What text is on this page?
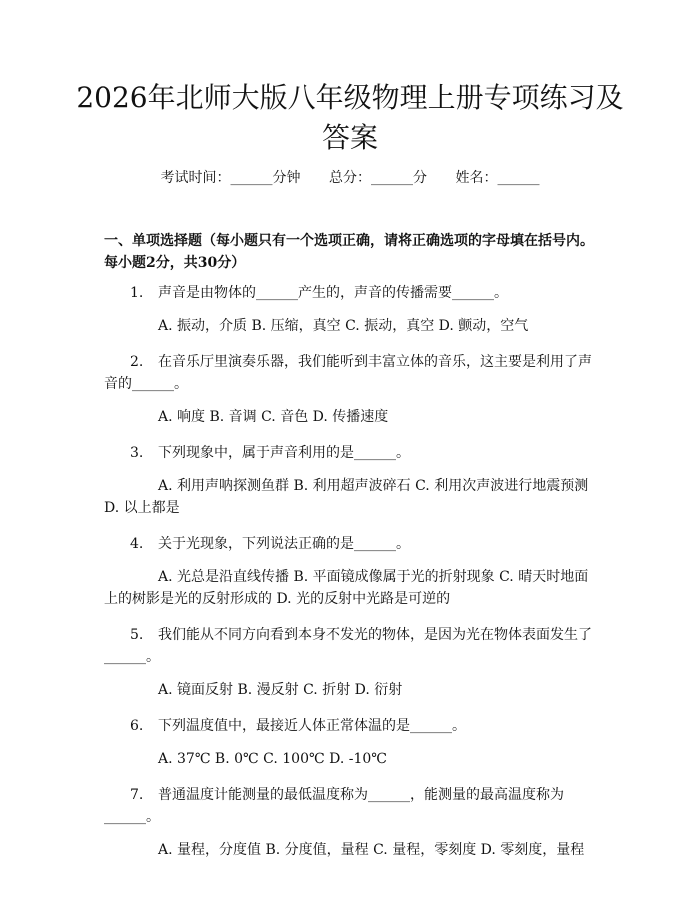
2026年北师大版八年级物理上册专项练习及答案
考试时间：______分钟 总分：______分 姓名：______

一、单项选择题（每小题只有一个选项正确，请将正确选项的字母填在括号内。每小题2分，共30分）

1. 声音是由物体的______产生的，声音的传播需要______。

A. 振动，介质 B. 压缩，真空 C. 振动，真空 D. 颤动，空气

2. 在音乐厅里演奏乐器，我们能听到丰富立体的音乐，这主要是利用了声音的______。

A. 响度 B. 音调 C. 音色 D. 传播速度

3. 下列现象中，属于声音利用的是______。

A. 利用声呐探测鱼群 B. 利用超声波碎石 C. 利用次声波进行地震预测 D. 以上都是

4. 关于光现象，下列说法正确的是______。

A. 光总是沿直线传播 B. 平面镜成像属于光的折射现象 C. 晴天时地面上的树影是光的反射形成的 D. 光的反射中光路是可逆的

5. 我们能从不同方向看到本身不发光的物体，是因为光在物体表面发生了______。

A. 镜面反射 B. 漫反射 C. 折射 D. 衍射

6. 下列温度值中，最接近人体正常体温的是______。

A. 37℃ B. 0℃ C. 100℃ D. -10℃

7. 普通温度计能测量的最低温度称为______，能测量的最高温度称为______。

A. 量程，分度值 B. 分度值，量程 C. 量程，零刻度 D. 零刻度，量程
